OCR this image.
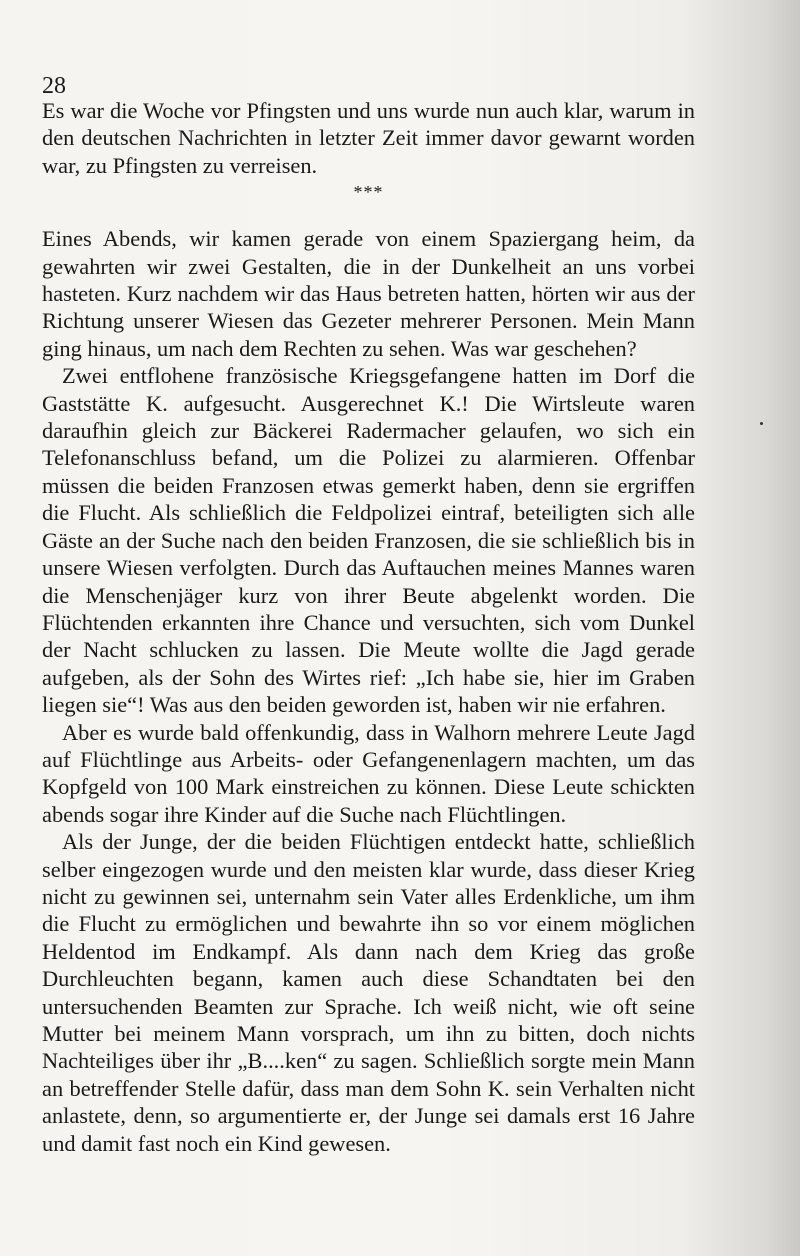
28

Es war die Woche vor Pfingsten und uns wurde nun auch klar, warum in den deutschen Nachrichten in letzter Zeit immer davor gewarnt worden war, zu Pfingsten zu verreisen.

***

Eines Abends, wir kamen gerade von einem Spaziergang heim, da gewahrten wir zwei Gestalten, die in der Dunkelheit an uns vorbei hasteten. Kurz nachdem wir das Haus betreten hatten, hörten wir aus der Richtung unserer Wiesen das Gezeter mehrerer Personen. Mein Mann ging hinaus, um nach dem Rechten zu sehen. Was war geschehen?

Zwei entflohene französische Kriegsgefangene hatten im Dorf die Gaststätte K. aufgesucht. Ausgerechnet K.! Die Wirtsleute waren daraufhin gleich zur Bäckerei Radermacher gelaufen, wo sich ein Telefonanschluss befand, um die Polizei zu alarmieren. Offenbar müssen die beiden Franzosen etwas gemerkt haben, denn sie ergriffen die Flucht. Als schließlich die Feldpolizei eintraf, beteiligten sich alle Gäste an der Suche nach den beiden Franzosen, die sie schließlich bis in unsere Wiesen verfolgten. Durch das Auftauchen meines Mannes waren die Menschenjäger kurz von ihrer Beute abgelenkt worden. Die Flüchtenden erkannten ihre Chance und versuchten, sich vom Dunkel der Nacht schlucken zu lassen. Die Meute wollte die Jagd gerade aufgeben, als der Sohn des Wirtes rief: „Ich habe sie, hier im Graben liegen sie“! Was aus den beiden geworden ist, haben wir nie erfahren.

Aber es wurde bald offenkundig, dass in Walhorn mehrere Leute Jagd auf Flüchtlinge aus Arbeits- oder Gefangenenlagern machten, um das Kopfgeld von 100 Mark einstreichen zu können. Diese Leute schickten abends sogar ihre Kinder auf die Suche nach Flüchtlingen.

Als der Junge, der die beiden Flüchtigen entdeckt hatte, schließlich selber eingezogen wurde und den meisten klar wurde, dass dieser Krieg nicht zu gewinnen sei, unternahm sein Vater alles Erdenkliche, um ihm die Flucht zu ermöglichen und bewahrte ihn so vor einem möglichen Heldentod im Endkampf. Als dann nach dem Krieg das große Durchleuchten begann, kamen auch diese Schandtaten bei den untersuchenden Beamten zur Sprache. Ich weiß nicht, wie oft seine Mutter bei meinem Mann vorsprach, um ihn zu bitten, doch nichts Nachteiliges über ihr „B....ken“ zu sagen. Schließlich sorgte mein Mann an betreffender Stelle dafür, dass man dem Sohn K. sein Verhalten nicht anlastete, denn, so argumentierte er, der Junge sei damals erst 16 Jahre und damit fast noch ein Kind gewesen.
